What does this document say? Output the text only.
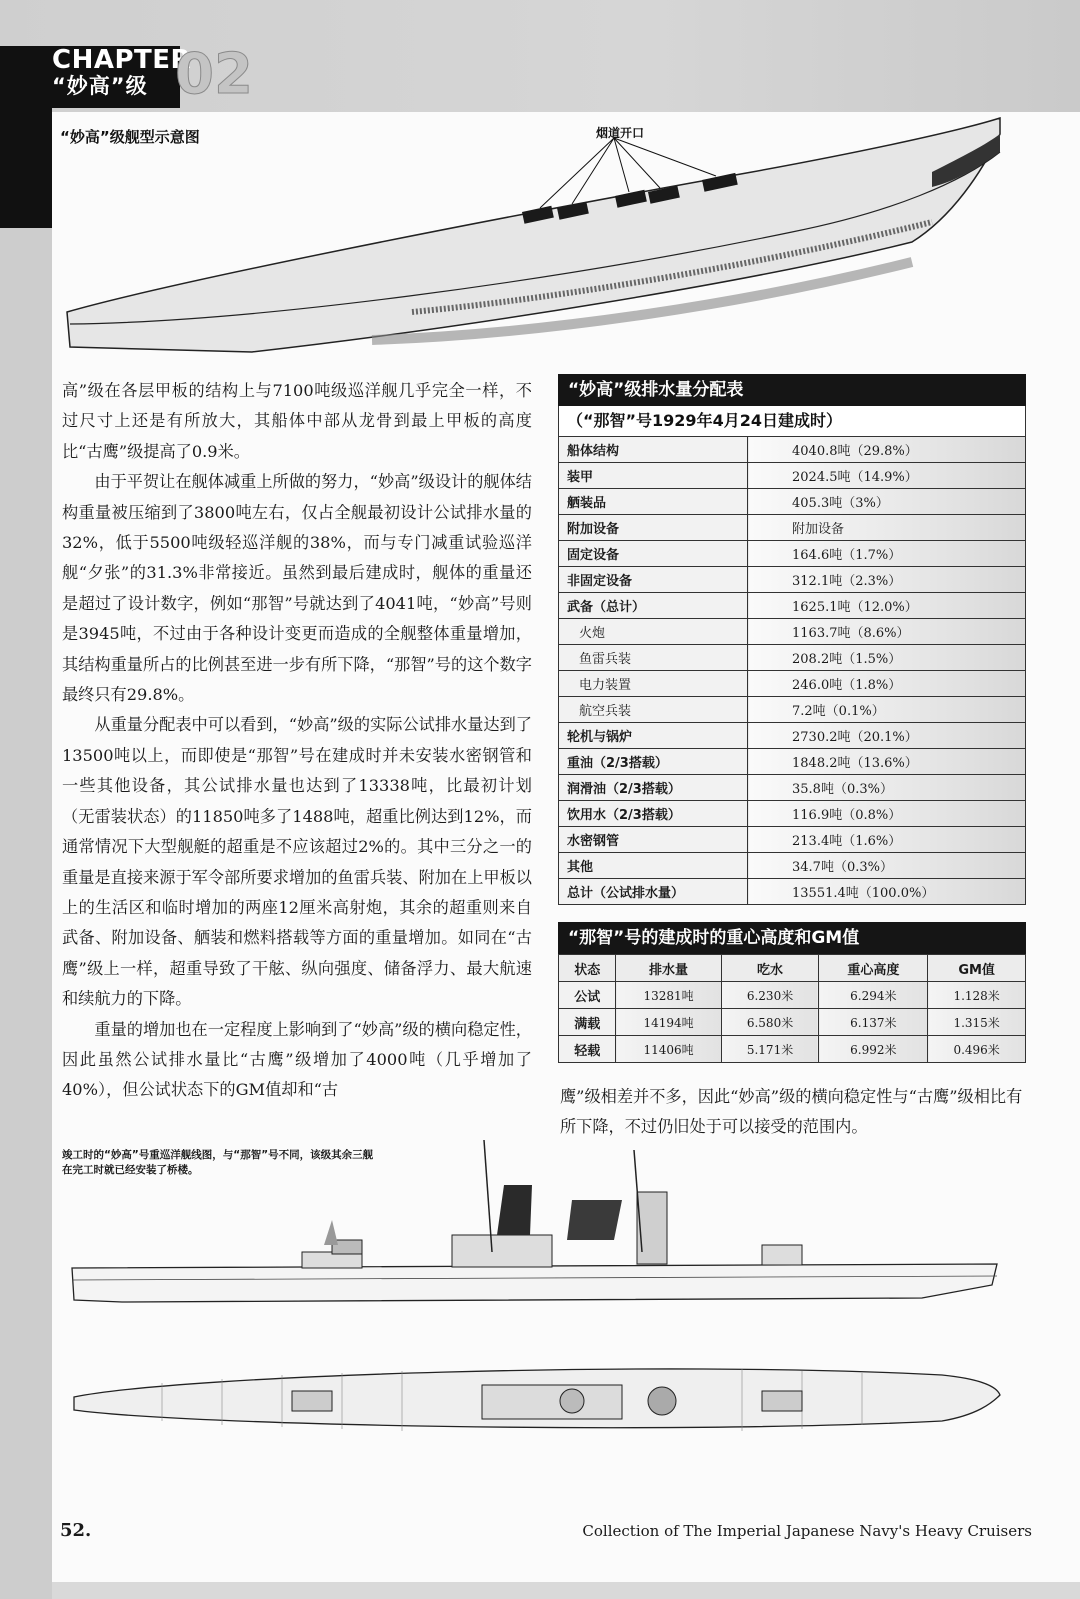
CHAPTER
“妙高”级 02
“妙高”级舰型示意图	烟道开口

高”级在各层甲板的结构上与7100吨级巡洋舰几乎完全一样，不过尺寸上还是有所放大，其船体中部从龙骨到最上甲板的高度比“古鹰”级提高了0.9米。

由于平贺让在舰体减重上所做的努力，“妙高”级设计的舰体结构重量被压缩到了3800吨左右，仅占全舰最初设计公试排水量的32%，低于5500吨级轻巡洋舰的38%，而与专门减重试验巡洋舰“夕张”的31.3%非常接近。虽然到最后建成时，舰体的重量还是超过了设计数字，例如“那智”号就达到了4041吨，“妙高”号则是3945吨，不过由于各种设计变更而造成的全舰整体重量增加，其结构重量所占的比例甚至进一步有所下降，“那智”号的这个数字最终只有29.8%。

从重量分配表中可以看到，“妙高”级的实际公试排水量达到了13500吨以上，而即使是“那智”号在建成时并未安装水密钢管和一些其他设备，其公试排水量也达到了13338吨，比最初计划（无雷装状态）的11850吨多了1488吨，超重比例达到12%，而通常情况下大型舰艇的超重是不应该超过2%的。其中三分之一的重量是直接来源于军令部所要求增加的鱼雷兵装、附加在上甲板以上的生活区和临时增加的两座12厘米高射炮，其余的超重则来自武备、附加设备、舾装和燃料搭载等方面的重量增加。如同在“古鹰”级上一样，超重导致了干舷、纵向强度、储备浮力、最大航速和续航力的下降。

重量的增加也在一定程度上影响到了“妙高”级的横向稳定性，因此虽然公试排水量比“古鹰”级增加了4000吨（几乎增加了40%），但公试状态下的GM值却和“古

“妙高”级排水量分配表
（“那智”号1929年4月24日建成时）
船体结构	4040.8吨（29.8%）
装甲	2024.5吨（14.9%）
舾装品	405.3吨（3%）
附加设备	附加设备
固定设备	164.6吨（1.7%）
非固定设备	312.1吨（2.3%）
武备（总计）	1625.1吨（12.0%）
火炮	1163.7吨（8.6%）
鱼雷兵装	208.2吨（1.5%）
电力装置	246.0吨（1.8%）
航空兵装	7.2吨（0.1%）
轮机与锅炉	2730.2吨（20.1%）
重油（2/3搭载）	1848.2吨（13.6%）
润滑油（2/3搭载）	35.8吨（0.3%）
饮用水（2/3搭载）	116.9吨（0.8%）
水密钢管	213.4吨（1.6%）
其他	34.7吨（0.3%）
总计（公试排水量）	13551.4吨（100.0%）
“那智”号的建成时的重心高度和GM值
状态	排水量	吃水	重心高度	GM值
公试	13281吨	6.230米	6.294米	1.128米
满载	14194吨	6.580米	6.137米	1.315米
轻载	11406吨	5.171米	6.992米	0.496米
鹰”级相差并不多，因此“妙高”级的横向稳定性与“古鹰”级相比有所下降，不过仍旧处于可以接受的范围内。
竣工时的“妙高”号重巡洋舰线图，与“那智”号不同，该级其余三舰在完工时就已经安装了桥楼。
52.	Collection of The Imperial Japanese Navy's Heavy Cruisers
